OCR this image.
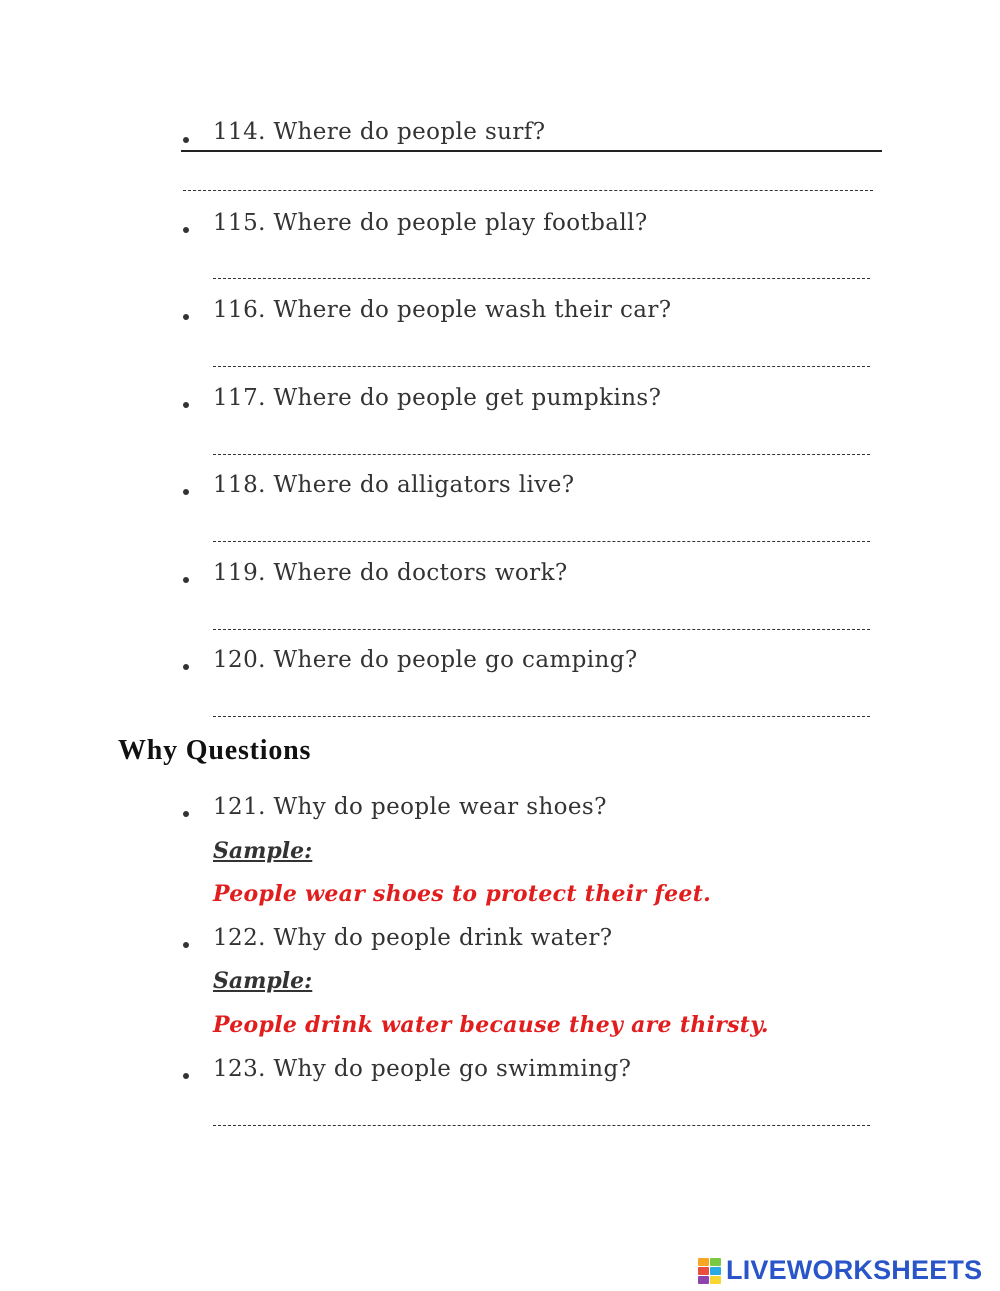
114. Where do people surf?
115. Where do people play football?
116. Where do people wash their car?
117. Where do people get pumpkins?
118. Where do alligators live?
119. Where do doctors work?
120. Where do people go camping?
Why Questions
121. Why do people wear shoes?
Sample:
People wear shoes to protect their feet.
122. Why do people drink water?
Sample:
People drink water because they are thirsty.
123. Why do people go swimming?
LIVEWORKSHEETS
